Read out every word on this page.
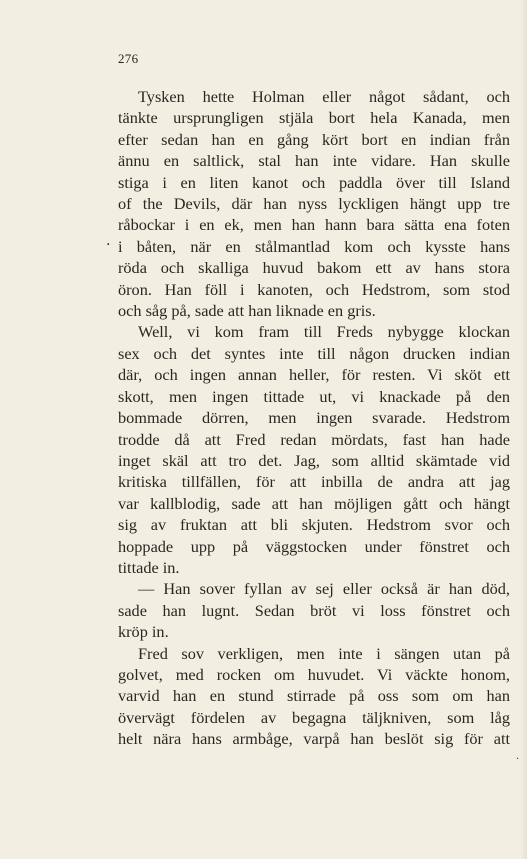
276
·
Tysken hette Holman eller något sådant, och
tänkte ursprungligen stjäla bort hela Kanada, men
efter sedan han en gång kört bort en indian från
ännu en saltlick, stal han inte vidare. Han skulle
stiga i en liten kanot och paddla över till Island
of the Devils, där han nyss lyckligen hängt upp tre
råbockar i en ek, men han hann bara sätta ena foten
i båten, när en stålmantlad kom och kysste hans
röda och skalliga huvud bakom ett av hans stora
öron. Han föll i kanoten, och Hedstrom, som stod
och såg på, sade att han liknade en gris.
Well, vi kom fram till Freds nybygge klockan
sex och det syntes inte till någon drucken indian
där, och ingen annan heller, för resten. Vi sköt ett
skott, men ingen tittade ut, vi knackade på den
bommade dörren, men ingen svarade. Hedstrom
trodde då att Fred redan mördats, fast han hade
inget skäl att tro det. Jag, som alltid skämtade vid
kritiska tillfällen, för att inbilla de andra att jag
var kallblodig, sade att han möjligen gått och hängt
sig av fruktan att bli skjuten. Hedstrom svor och
hoppade upp på väggstocken under fönstret och
tittade in.
— Han sover fyllan av sej eller också är han död,
sade han lugnt. Sedan bröt vi loss fönstret och
kröp in.
Fred sov verkligen, men inte i sängen utan på
golvet, med rocken om huvudet. Vi väckte honom,
varvid han en stund stirrade på oss som om han
övervägt fördelen av begagna täljkniven, som låg
helt nära hans armbåge, varpå han beslöt sig för att
.
